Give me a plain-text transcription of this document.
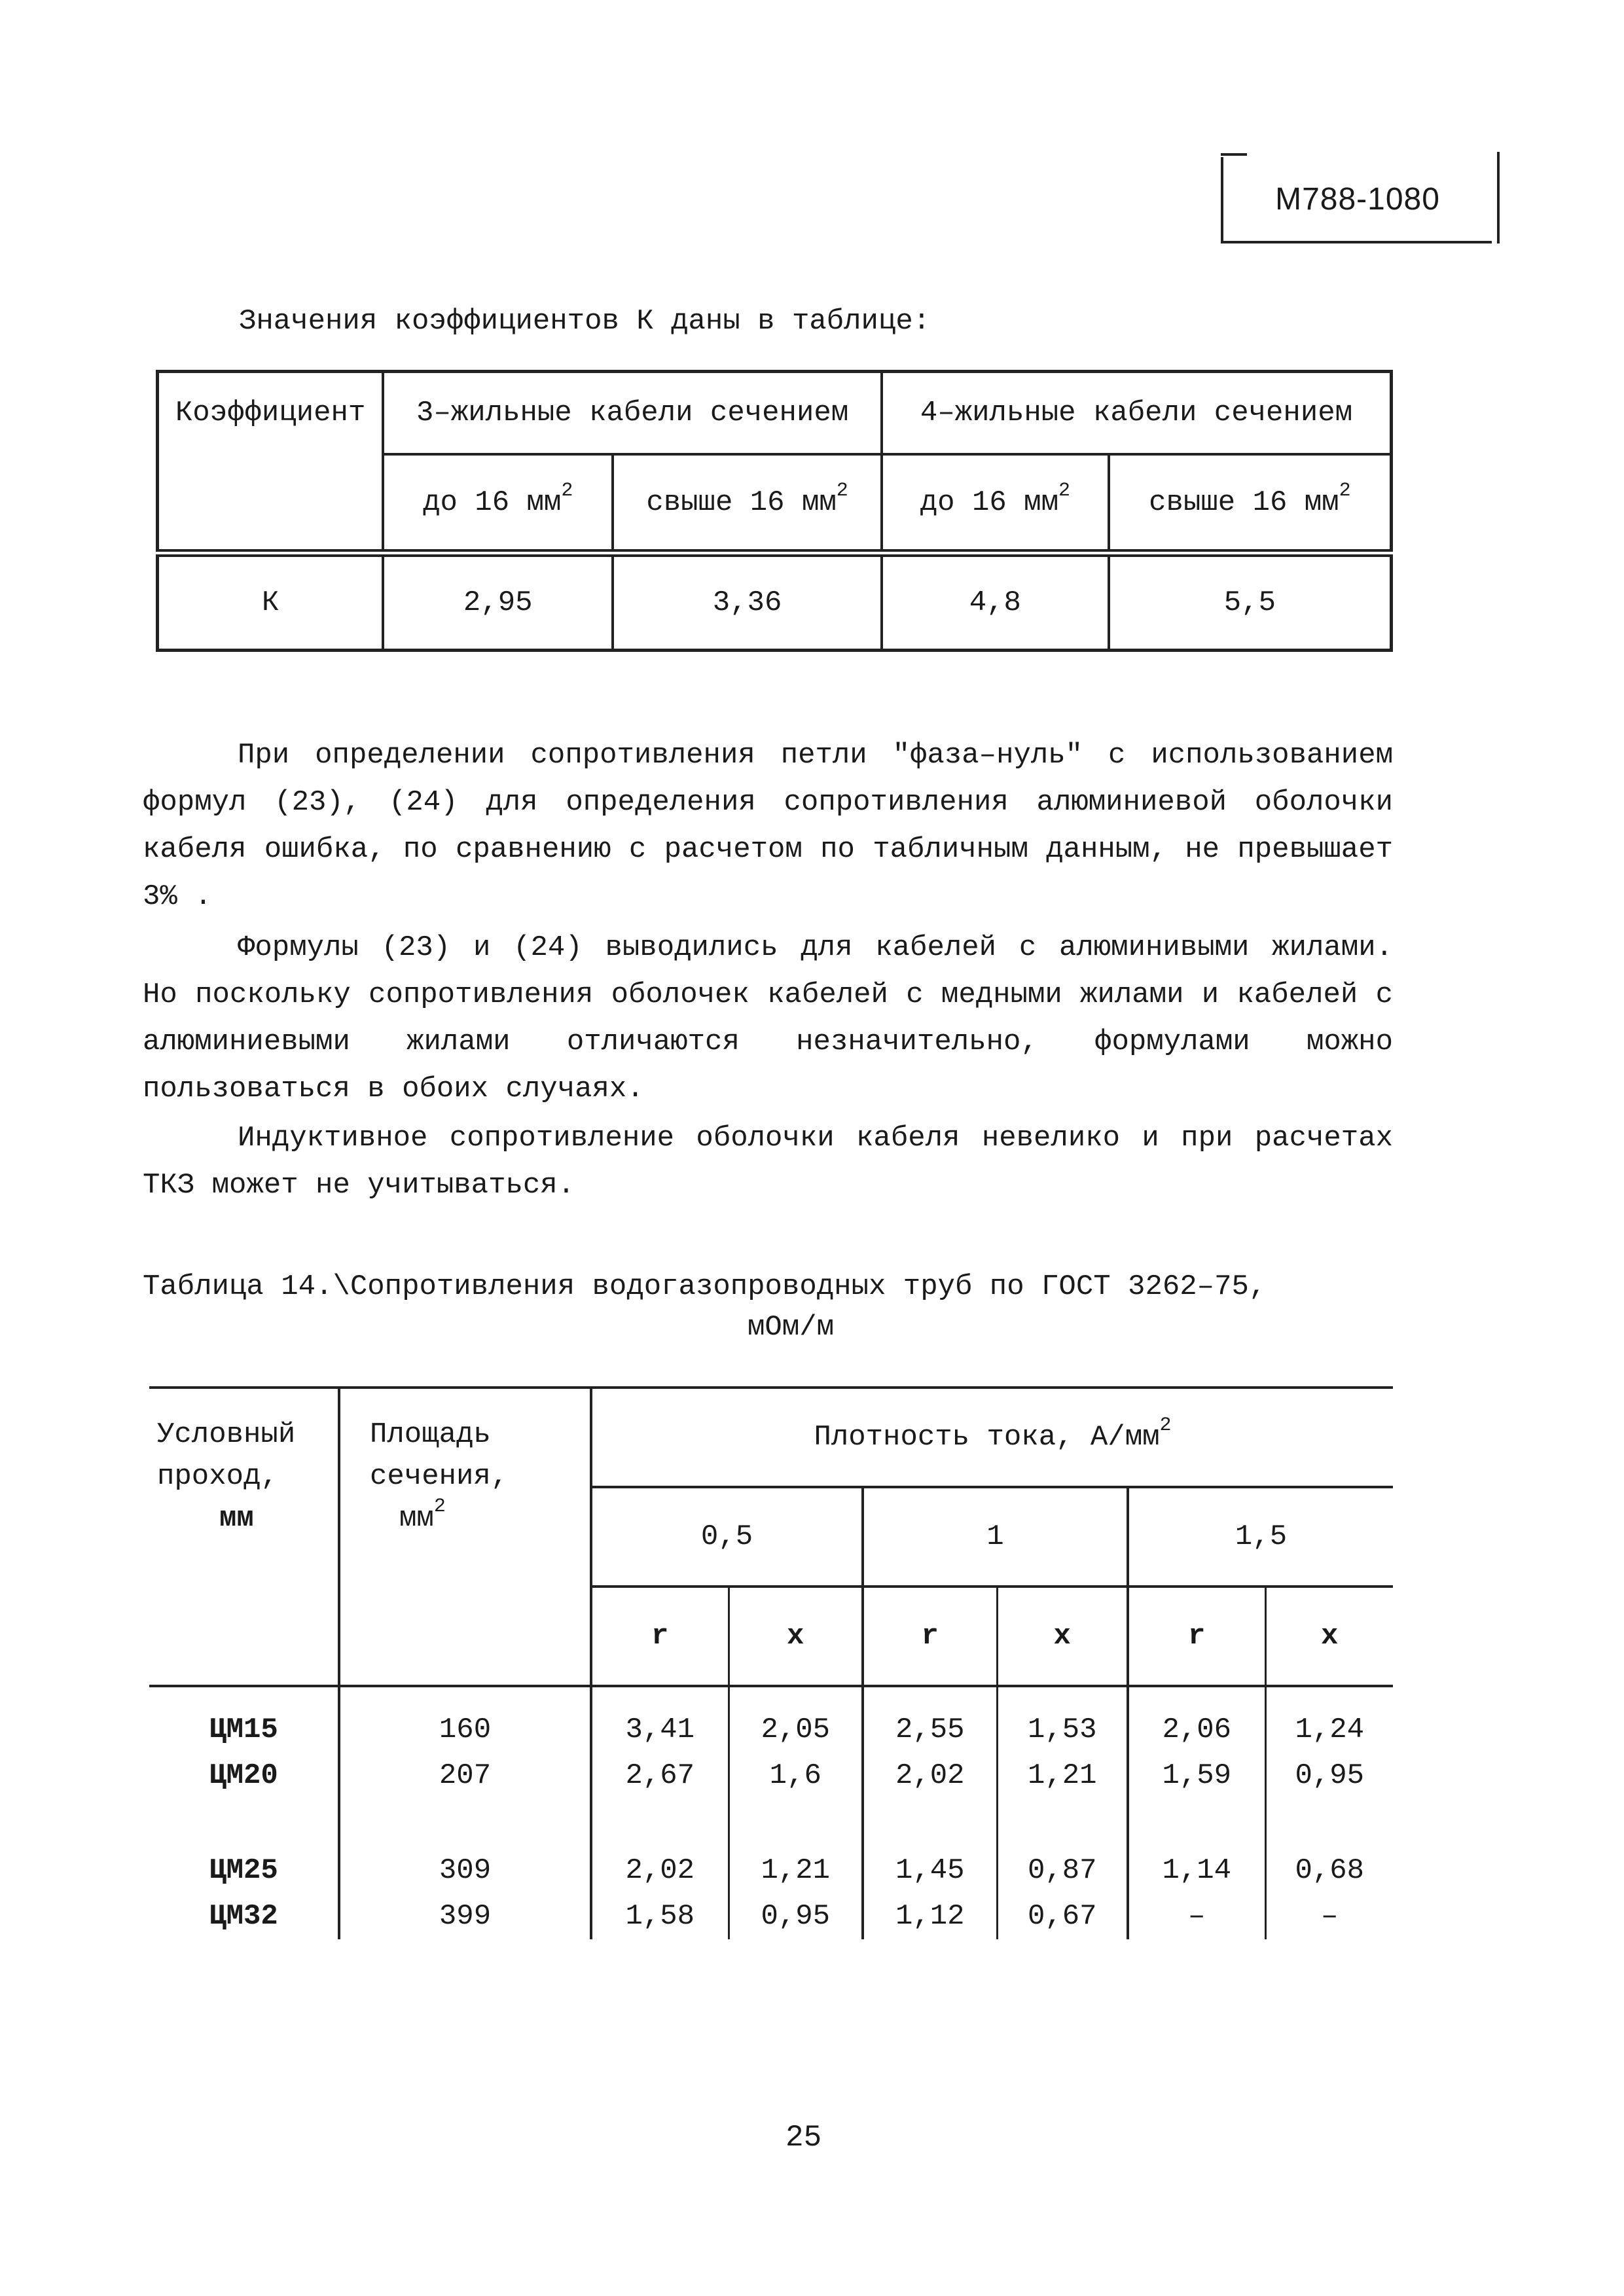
М788-1080
Значения коэффициентов К даны в таблице:
Коэффициент	3–жильные кабели сечением		4–жильные кабели сечением	
	до 16 $мм^2$	свыше 16 $мм^2$	до 16 $мм^2$	свыше 16 $мм^2$
К	2,95	3,36	4,8	5,5
При определении сопротивления петли "фаза–нуль" с использованием формул (23), (24) для определения сопротивления алюминиевой оболочки кабеля ошибка, по сравнению с расчетом по табличным данным, не превышает 3% .
Формулы (23) и (24) выводились для кабелей с алюминивыми жилами. Но поскольку сопротивления оболочек кабелей с медными жилами и кабелей с алюминиевыми жилами отличаются незначительно, формулами можно пользоваться в обоих случаях.
Индуктивное сопротивление оболочки кабеля невелико и при расчетах ТКЗ может не учитываться.
Таблица 14.\Сопротивления водогазопроводных труб по ГОСТ 3262–75,
мОм/м
Условный
проход,
мм	Площадь
сечения,
$мм^2$	Плотность тока, $А/мм^2$
		0,5		1		1,5	
		r	x	r	x	r	x
ЦМ15	160	3,41	2,05	2,55	1,53	2,06	1,24
ЦМ20	207	2,67	1,6	2,02	1,21	1,59	0,95

ЦМ25	309	2,02	1,21	1,45	0,87	1,14	0,68
ЦМ32	399	1,58	0,95	1,12	0,67	–	–
25
